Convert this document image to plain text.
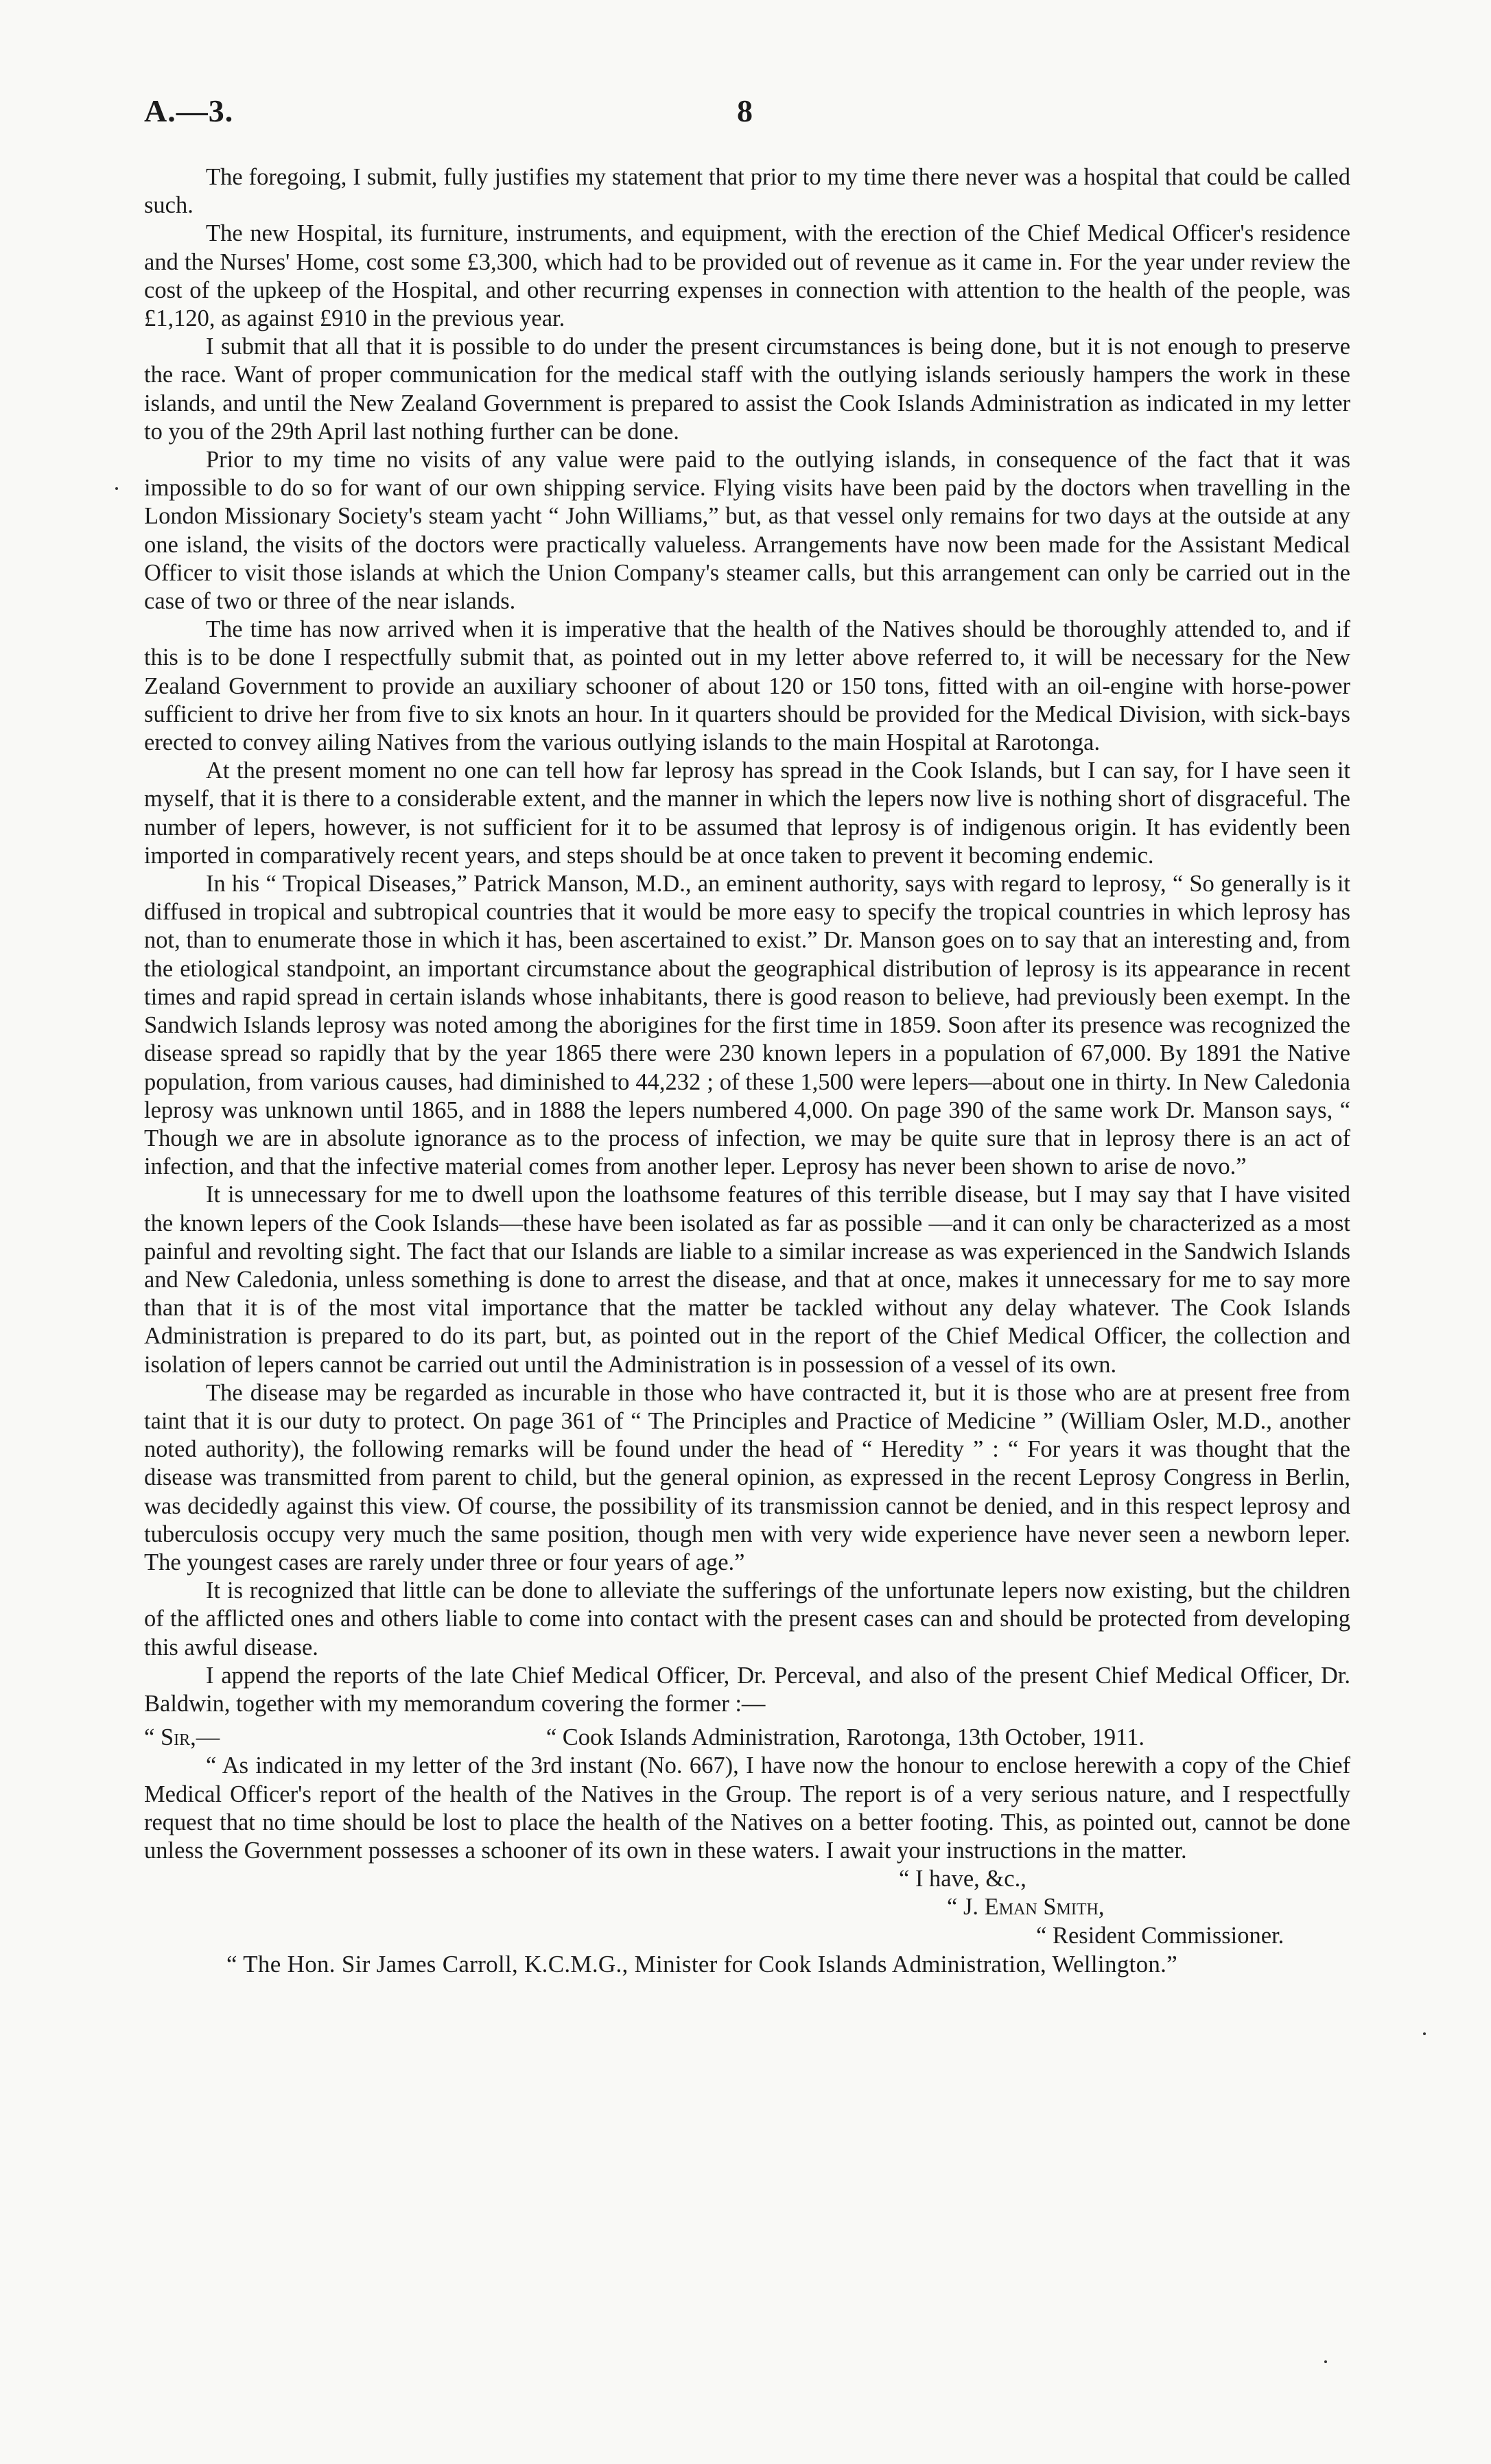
A.—3.	8

The foregoing, I submit, fully justifies my statement that prior to my time there never was a hospital that could be called such.

The new Hospital, its furniture, instruments, and equipment, with the erection of the Chief Medical Officer's residence and the Nurses' Home, cost some £3,300, which had to be provided out of revenue as it came in. For the year under review the cost of the upkeep of the Hospital, and other recurring expenses in connection with attention to the health of the people, was £1,120, as against £910 in the previous year.

I submit that all that it is possible to do under the present circumstances is being done, but it is not enough to preserve the race. Want of proper communication for the medical staff with the outlying islands seriously hampers the work in these islands, and until the New Zealand Government is prepared to assist the Cook Islands Administration as indicated in my letter to you of the 29th April last nothing further can be done.

Prior to my time no visits of any value were paid to the outlying islands, in consequence of the fact that it was impossible to do so for want of our own shipping service. Flying visits have been paid by the doctors when travelling in the London Missionary Society's steam yacht “ John Williams,” but, as that vessel only remains for two days at the outside at any one island, the visits of the doctors were practically valueless. Arrangements have now been made for the Assistant Medical Officer to visit those islands at which the Union Company's steamer calls, but this arrangement can only be carried out in the case of two or three of the near islands.

The time has now arrived when it is imperative that the health of the Natives should be thoroughly attended to, and if this is to be done I respectfully submit that, as pointed out in my letter above referred to, it will be necessary for the New Zealand Government to provide an auxiliary schooner of about 120 or 150 tons, fitted with an oil-engine with horse-power sufficient to drive her from five to six knots an hour. In it quarters should be provided for the Medical Division, with sick-bays erected to convey ailing Natives from the various outlying islands to the main Hospital at Rarotonga.

At the present moment no one can tell how far leprosy has spread in the Cook Islands, but I can say, for I have seen it myself, that it is there to a considerable extent, and the manner in which the lepers now live is nothing short of disgraceful. The number of lepers, however, is not sufficient for it to be assumed that leprosy is of indigenous origin. It has evidently been imported in comparatively recent years, and steps should be at once taken to prevent it becoming endemic.

In his “ Tropical Diseases,” Patrick Manson, M.D., an eminent authority, says with regard to leprosy, “ So generally is it diffused in tropical and subtropical countries that it would be more easy to specify the tropical countries in which leprosy has not, than to enumerate those in which it has, been ascertained to exist.” Dr. Manson goes on to say that an interesting and, from the etiological standpoint, an important circumstance about the geographical distribution of leprosy is its appearance in recent times and rapid spread in certain islands whose inhabitants, there is good reason to believe, had previously been exempt. In the Sandwich Islands leprosy was noted among the aborigines for the first time in 1859. Soon after its presence was recognized the disease spread so rapidly that by the year 1865 there were 230 known lepers in a population of 67,000. By 1891 the Native population, from various causes, had diminished to 44,232 ; of these 1,500 were lepers—about one in thirty. In New Caledonia leprosy was unknown until 1865, and in 1888 the lepers numbered 4,000. On page 390 of the same work Dr. Manson says, “ Though we are in absolute ignorance as to the process of infection, we may be quite sure that in leprosy there is an act of infection, and that the infective material comes from another leper. Leprosy has never been shown to arise de novo.”

It is unnecessary for me to dwell upon the loathsome features of this terrible disease, but I may say that I have visited the known lepers of the Cook Islands—these have been isolated as far as possible —and it can only be characterized as a most painful and revolting sight. The fact that our Islands are liable to a similar increase as was experienced in the Sandwich Islands and New Caledonia, unless something is done to arrest the disease, and that at once, makes it unnecessary for me to say more than that it is of the most vital importance that the matter be tackled without any delay whatever. The Cook Islands Administration is prepared to do its part, but, as pointed out in the report of the Chief Medical Officer, the collection and isolation of lepers cannot be carried out until the Administration is in possession of a vessel of its own.

The disease may be regarded as incurable in those who have contracted it, but it is those who are at present free from taint that it is our duty to protect. On page 361 of “ The Principles and Practice of Medicine ” (William Osler, M.D., another noted authority), the following remarks will be found under the head of “ Heredity ” : “ For years it was thought that the disease was transmitted from parent to child, but the general opinion, as expressed in the recent Leprosy Congress in Berlin, was decidedly against this view. Of course, the possibility of its transmission cannot be denied, and in this respect leprosy and tuberculosis occupy very much the same position, though men with very wide experience have never seen a newborn leper. The youngest cases are rarely under three or four years of age.”

It is recognized that little can be done to alleviate the sufferings of the unfortunate lepers now existing, but the children of the afflicted ones and others liable to come into contact with the present cases can and should be protected from developing this awful disease.

I append the reports of the late Chief Medical Officer, Dr. Perceval, and also of the present Chief Medical Officer, Dr. Baldwin, together with my memorandum covering the former :—

“ Sir,—	“ Cook Islands Administration, Rarotonga, 13th October, 1911.

“ As indicated in my letter of the 3rd instant (No. 667), I have now the honour to enclose herewith a copy of the Chief Medical Officer's report of the health of the Natives in the Group. The report is of a very serious nature, and I respectfully request that no time should be lost to place the health of the Natives on a better footing. This, as pointed out, cannot be done unless the Government possesses a schooner of its own in these waters. I await your instructions in the matter.

“ I have, &c.,

“ J. Eman Smith,

“ Resident Commissioner.

“ The Hon. Sir James Carroll, K.C.M.G., Minister for Cook Islands Administration, Wellington.”
